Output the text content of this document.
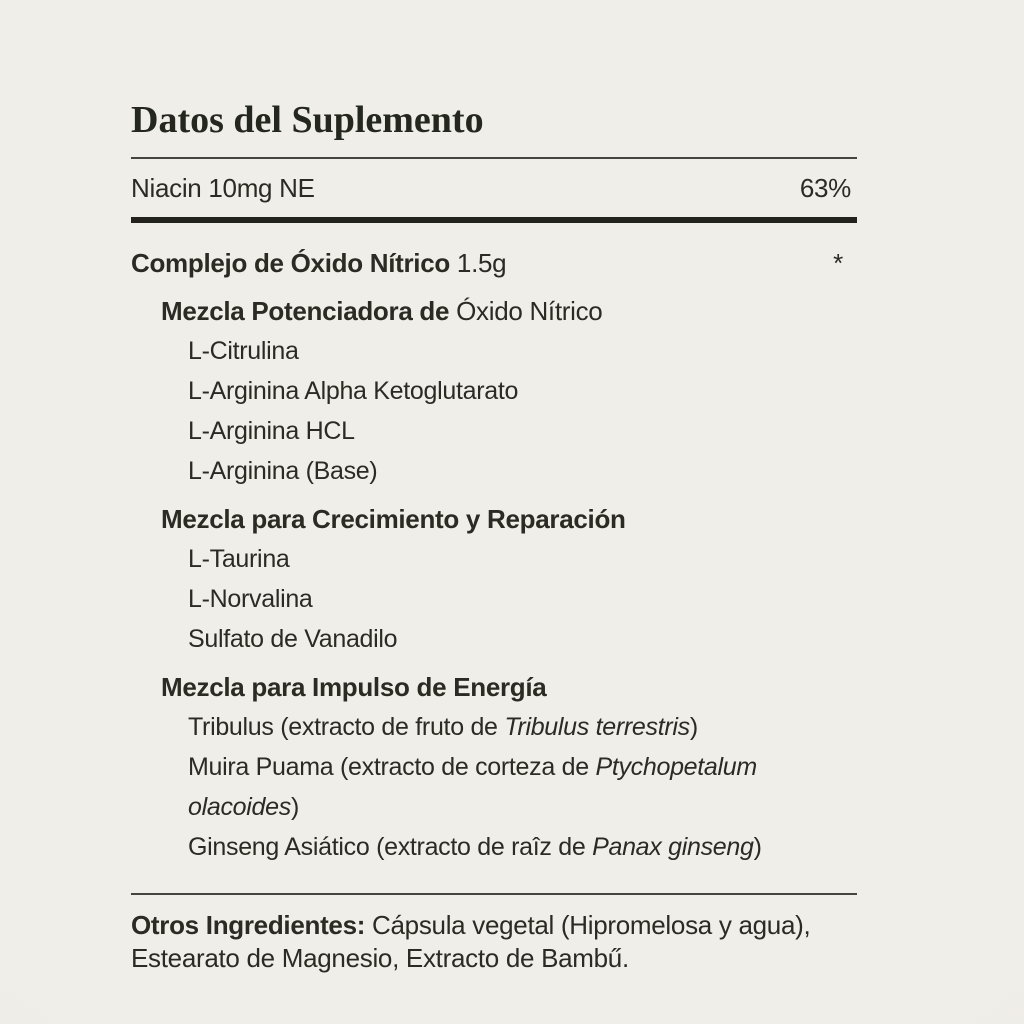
Datos del Suplemento
Niacin 10mg NE	63%
Complejo de Óxido Nítrico 1.5g	*
Mezcla Potenciadora de Óxido Nítrico
L-Citrulina
L-Arginina Alpha Ketoglutarato
L-Arginina HCL
L-Arginina (Base)
Mezcla para Crecimiento y Reparación
L-Taurina
L-Norvalina
Sulfato de Vanadilo
Mezcla para Impulso de Energía
Tribulus (extracto de fruto de Tribulus terrestris)
Muira Puama (extracto de corteza de Ptychopetalum olacoides)
Ginseng Asiático (extracto de raîz de Panax ginseng)

Otros Ingredientes: Cápsula vegetal (Hipromelosa y agua), Estearato de Magnesio, Extracto de Bambű.
